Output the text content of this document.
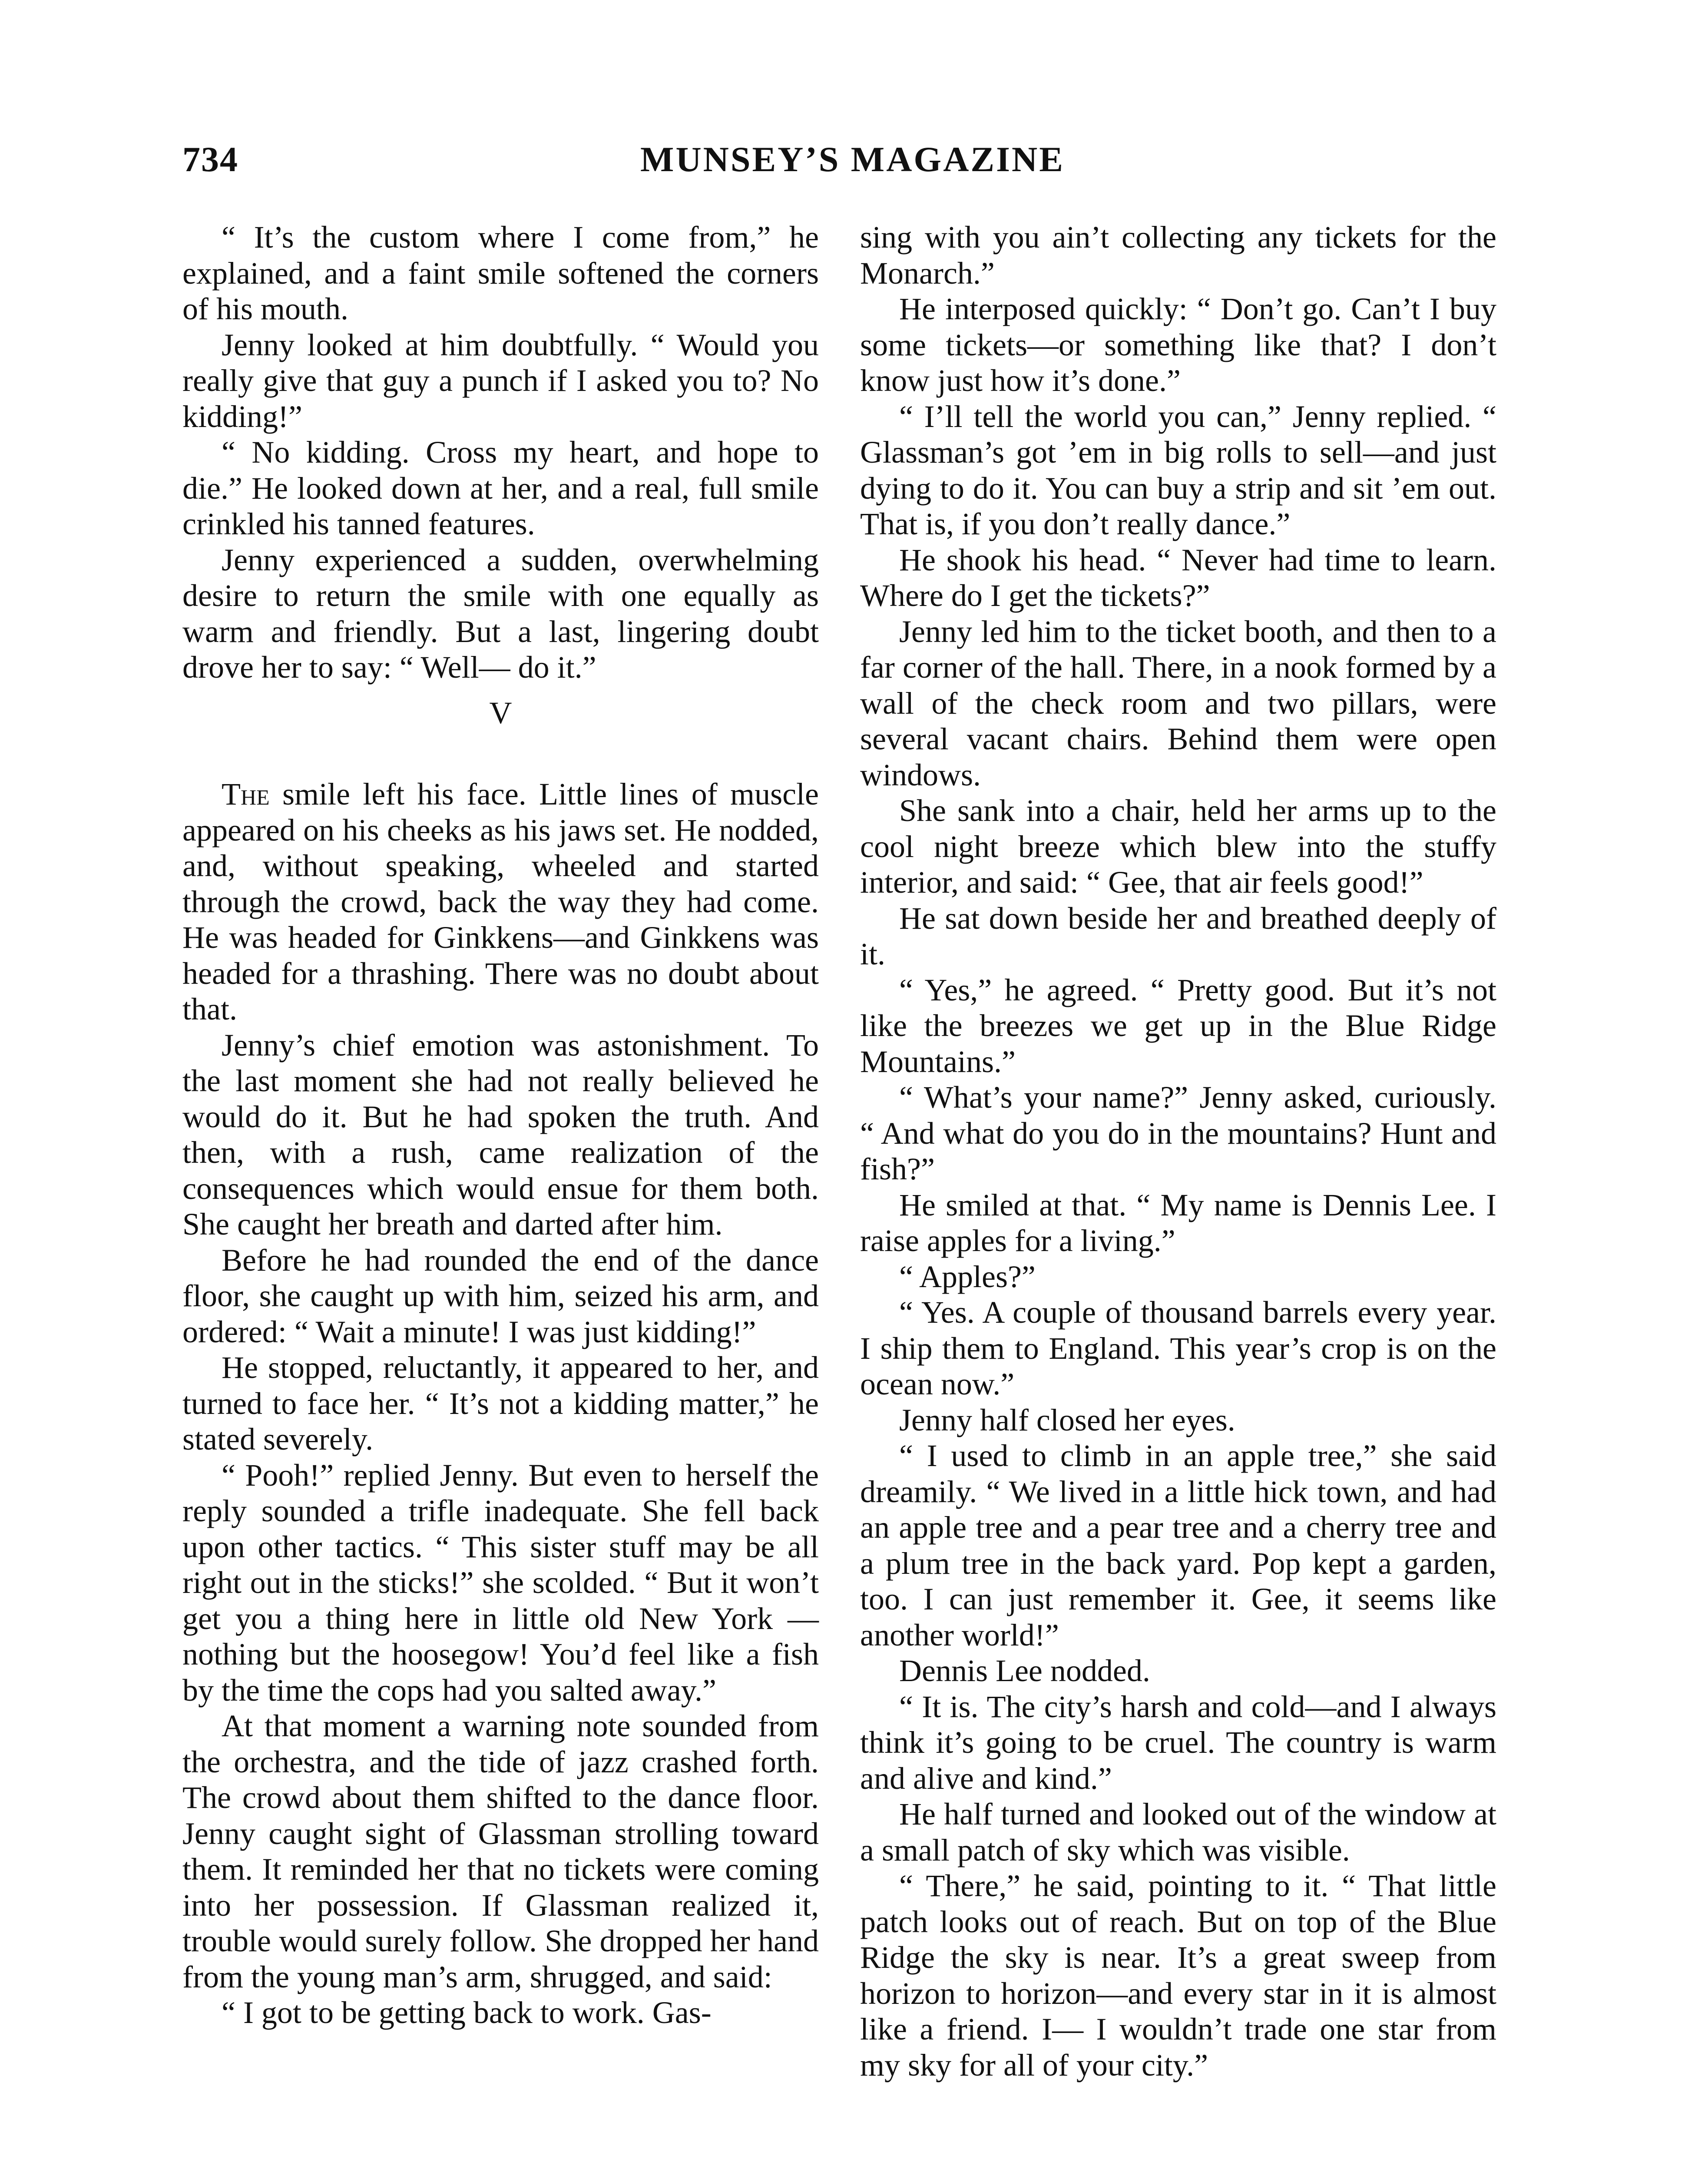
734	MUNSEY’S MAGAZINE

“ It’s the custom where I come from,” he explained, and a faint smile softened the corners of his mouth.

Jenny looked at him doubtfully. “ Would you really give that guy a punch if I asked you to? No kidding!”

“ No kidding. Cross my heart, and hope to die.” He looked down at her, and a real, full smile crinkled his tanned features.

Jenny experienced a sudden, overwhelming desire to return the smile with one equally as warm and friendly. But a last, lingering doubt drove her to say: “ Well— do it.”

V

The smile left his face. Little lines of muscle appeared on his cheeks as his jaws set. He nodded, and, without speaking, wheeled and started through the crowd, back the way they had come. He was headed for Ginkkens—and Ginkkens was headed for a thrashing. There was no doubt about that.

Jenny’s chief emotion was astonishment. To the last moment she had not really believed he would do it. But he had spoken the truth. And then, with a rush, came realization of the consequences which would ensue for them both. She caught her breath and darted after him.

Before he had rounded the end of the dance floor, she caught up with him, seized his arm, and ordered: “ Wait a minute! I was just kidding!”

He stopped, reluctantly, it appeared to her, and turned to face her. “ It’s not a kidding matter,” he stated severely.

“ Pooh!” replied Jenny. But even to herself the reply sounded a trifle inadequate. She fell back upon other tactics. “ This sister stuff may be all right out in the sticks!” she scolded. “ But it won’t get you a thing here in little old New York —nothing but the hoosegow! You’d feel like a fish by the time the cops had you salted away.”

At that moment a warning note sounded from the orchestra, and the tide of jazz crashed forth. The crowd about them shifted to the dance floor. Jenny caught sight of Glassman strolling toward them. It reminded her that no tickets were coming into her possession. If Glassman realized it, trouble would surely follow. She dropped her hand from the young man’s arm, shrugged, and said:

“ I got to be getting back to work. Gas-

sing with you ain’t collecting any tickets for the Monarch.”

He interposed quickly: “ Don’t go. Can’t I buy some tickets—or something like that? I don’t know just how it’s done.”

“ I’ll tell the world you can,” Jenny replied. “ Glassman’s got ’em in big rolls to sell—and just dying to do it. You can buy a strip and sit ’em out. That is, if you don’t really dance.”

He shook his head. “ Never had time to learn. Where do I get the tickets?”

Jenny led him to the ticket booth, and then to a far corner of the hall. There, in a nook formed by a wall of the check room and two pillars, were several vacant chairs. Behind them were open windows.

She sank into a chair, held her arms up to the cool night breeze which blew into the stuffy interior, and said: “ Gee, that air feels good!”

He sat down beside her and breathed deeply of it.

“ Yes,” he agreed. “ Pretty good. But it’s not like the breezes we get up in the Blue Ridge Mountains.”

“ What’s your name?” Jenny asked, curiously. “ And what do you do in the mountains? Hunt and fish?”

He smiled at that. “ My name is Dennis Lee. I raise apples for a living.”

“ Apples?”

“ Yes. A couple of thousand barrels every year. I ship them to England. This year’s crop is on the ocean now.”

Jenny half closed her eyes.

“ I used to climb in an apple tree,” she said dreamily. “ We lived in a little hick town, and had an apple tree and a pear tree and a cherry tree and a plum tree in the back yard. Pop kept a garden, too. I can just remember it. Gee, it seems like another world!”

Dennis Lee nodded.

“ It is. The city’s harsh and cold—and I always think it’s going to be cruel. The country is warm and alive and kind.”

He half turned and looked out of the window at a small patch of sky which was visible.

“ There,” he said, pointing to it. “ That little patch looks out of reach. But on top of the Blue Ridge the sky is near. It’s a great sweep from horizon to horizon—and every star in it is almost like a friend. I— I wouldn’t trade one star from my sky for all of your city.”
